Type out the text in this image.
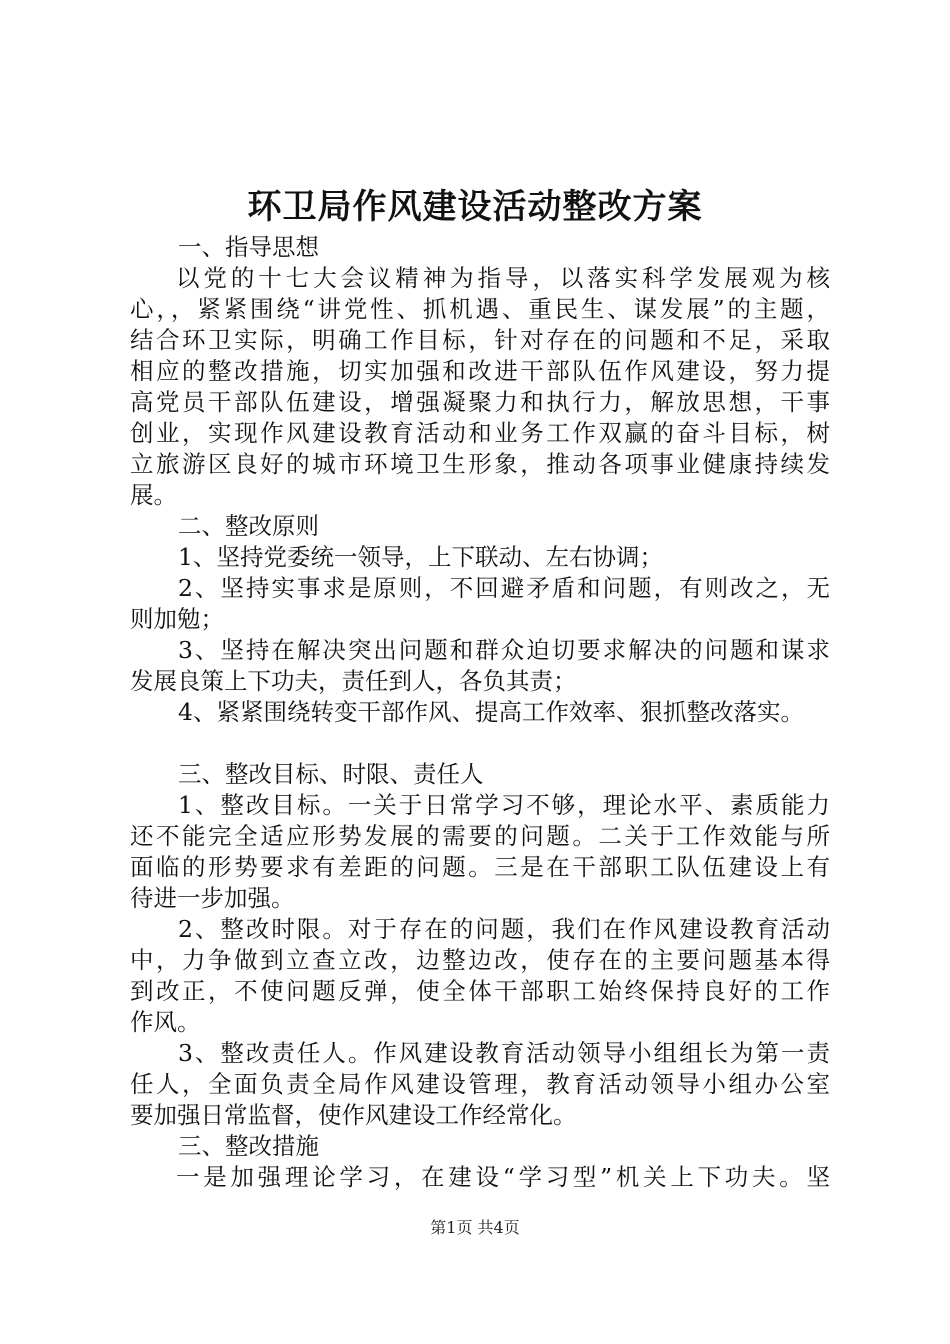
环卫局作风建设活动整改方案
一、指导思想
以党的十七大会议精神为指导，以落实科学发展观为核
心，，紧紧围绕“讲党性、抓机遇、重民生、谋发展”的主题，
结合环卫实际，明确工作目标，针对存在的问题和不足，采取
相应的整改措施，切实加强和改进干部队伍作风建设，努力提
高党员干部队伍建设，增强凝聚力和执行力，解放思想，干事
创业，实现作风建设教育活动和业务工作双赢的奋斗目标，树
立旅游区良好的城市环境卫生形象，推动各项事业健康持续发
展。
二、整改原则
1、坚持党委统一领导，上下联动、左右协调；
2、坚持实事求是原则，不回避矛盾和问题，有则改之，无
则加勉；
3、坚持在解决突出问题和群众迫切要求解决的问题和谋求
发展良策上下功夫，责任到人，各负其责；
4、紧紧围绕转变干部作风、提高工作效率、狠抓整改落实。
三、整改目标、时限、责任人
1、整改目标。一关于日常学习不够，理论水平、素质能力
还不能完全适应形势发展的需要的问题。二关于工作效能与所
面临的形势要求有差距的问题。三是在干部职工队伍建设上有
待进一步加强。
2、整改时限。对于存在的问题，我们在作风建设教育活动
中，力争做到立查立改，边整边改，使存在的主要问题基本得
到改正，不使问题反弹，使全体干部职工始终保持良好的工作
作风。
3、整改责任人。作风建设教育活动领导小组组长为第一责
任人，全面负责全局作风建设管理，教育活动领导小组办公室
要加强日常监督，使作风建设工作经常化。
三、整改措施
一是加强理论学习，在建设“学习型”机关上下功夫。坚
第1页 共4页
